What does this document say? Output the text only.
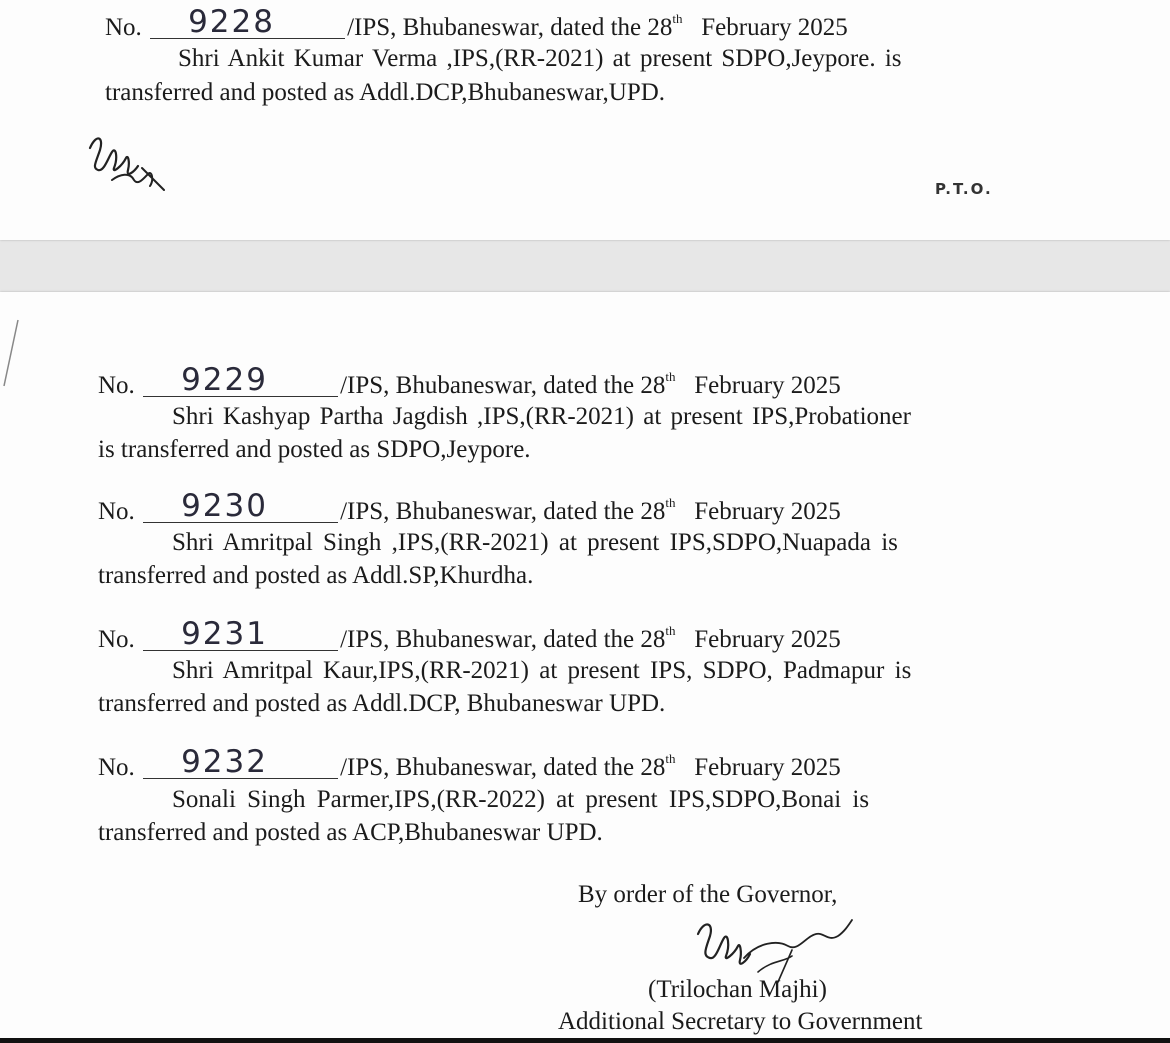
No. 9228	/IPS, Bhubaneswar, dated the 28th February 2025
Shri Ankit Kumar Verma ,IPS,(RR-2021) at present SDPO,Jeypore. is
transferred and posted as Addl.DCP,Bhubaneswar,UPD.
P.T.O.
No. 9229	/IPS, Bhubaneswar, dated the 28th February 2025
Shri Kashyap Partha Jagdish ,IPS,(RR-2021) at present IPS,Probationer
is transferred and posted as SDPO,Jeypore.
No. 9230	/IPS, Bhubaneswar, dated the 28th February 2025
Shri Amritpal Singh ,IPS,(RR-2021) at present IPS,SDPO,Nuapada is
transferred and posted as Addl.SP,Khurdha.
No. 9231	/IPS, Bhubaneswar, dated the 28th February 2025
Shri Amritpal Kaur,IPS,(RR-2021) at present IPS, SDPO, Padmapur is
transferred and posted as Addl.DCP, Bhubaneswar UPD.
No. 9232	/IPS, Bhubaneswar, dated the 28th February 2025
Sonali Singh Parmer,IPS,(RR-2022) at present IPS,SDPO,Bonai is
transferred and posted as ACP,Bhubaneswar UPD.
By order of the Governor,
(Trilochan Majhi)
Additional Secretary to Government
